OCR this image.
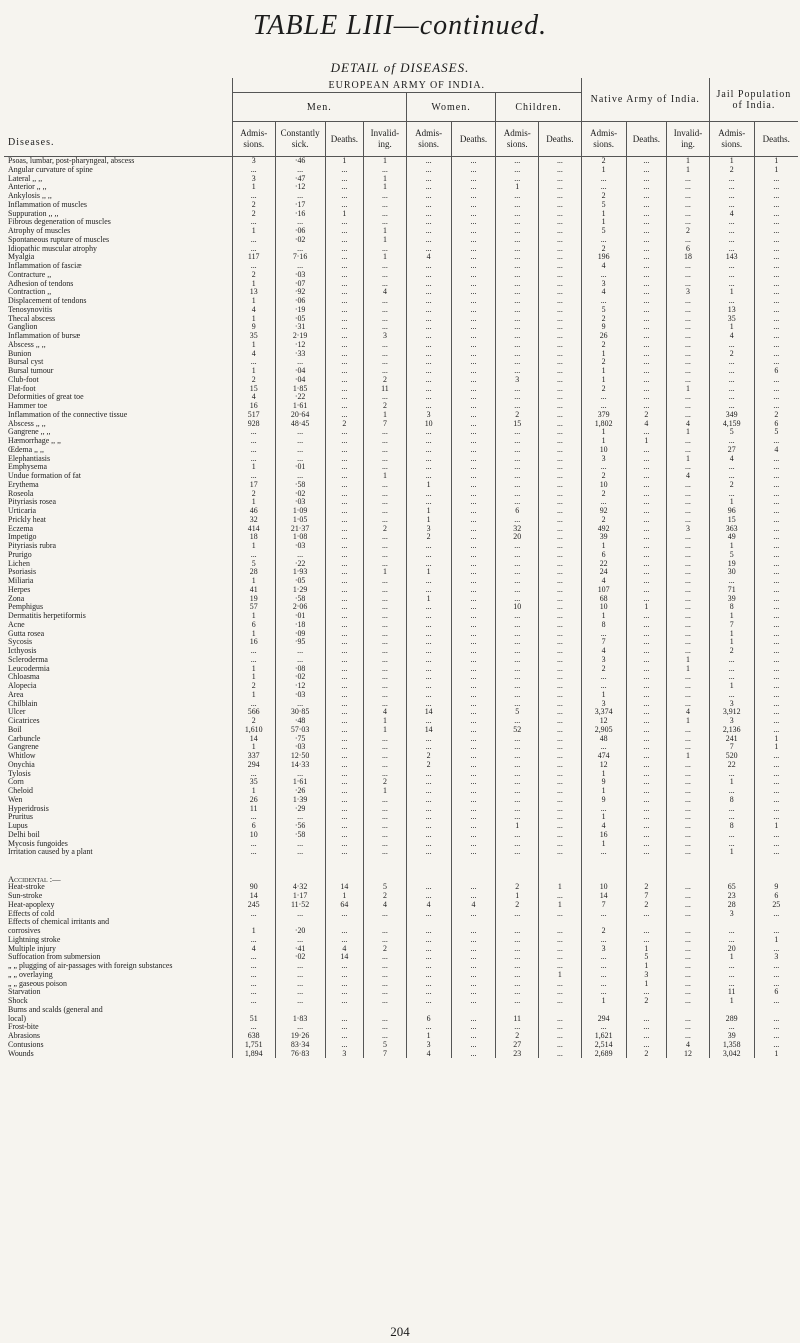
TABLE LIII—continued.
DETAIL of DISEASES.
Diseases.	EUROPEAN ARMY OF INDIA.								Native Army of India.			Jail Population of India.	
	Men.				Women.		Children.						
	Admis-sions.	Constantly sick.	Deaths.	Invalid-ing.	Admis-sions.	Deaths.	Admis-sions.	Deaths.	Admis-sions.	Deaths.	Invalid-ing.	Admis-sions.	Deaths.
Psoas, lumbar, post-pharyngeal, abscess	3	·46	1	1	...	...	...	...	2	...	1	1	1
Angular curvature of spine	...	...	...	...	...	...	...	...	1	...	1	2	1
Lateral ,, ,,	3	·47	...	1	...	...	...	...	...	...	...	...	...
Anterior ,, ,,	1	·12	...	1	...	...	1	...	...	...	...	...	...
Ankylosis ,, ,,	...	...	...	...	...	...	...	...	2	...	...	...	...
Inflammation of muscles	2	·17	...	...	...	...	...	...	5	...	...	...	...
Suppuration ,, ,,	2	·16	1	...	...	...	...	...	1	...	...	4	...
Fibrous degeneration of muscles	...	...	...	...	...	...	...	...	1	...	...	...	...
Atrophy of muscles	1	·06	...	1	...	...	...	...	5	...	2	...	...
Spontaneous rupture of muscles	...	·02	...	1	...	...	...	...	...	...	...	...	...
Idiopathic muscular atrophy	...	...	...	...	...	...	...	...	2	...	6	...	...
Myalgia	117	7·16	...	1	4	...	...	...	196	...	18	143	...
Inflammation of fasciæ	...	...	...	...	...	...	...	...	4	...	...	...	...
Contracture ,,	2	·03	...	...	...	...	...	...	...	...	...	...	...
Adhesion of tendons	1	·07	...	...	...	...	...	...	3	...	...	...	...
Contraction ,,	13	·92	...	4	...	...	...	...	4	...	3	1	...
Displacement of tendons	1	·06	...	...	...	...	...	...	...	...	...	...	...
Tenosynovitis	4	·19	...	...	...	...	...	...	5	...	...	13	...
Thecal abscess	1	·05	...	...	...	...	...	...	2	...	...	35	...
Ganglion	9	·31	...	...	...	...	...	...	9	...	...	1	...
Inflammation of bursæ	35	2·19	...	3	...	...	...	...	26	...	...	4	...
Abscess ,, ,,	1	·12	...	...	...	...	...	...	2	...	...	...	...
Bunion	4	·33	...	...	...	...	...	...	1	...	...	2	...
Bursal cyst	...	...	...	...	...	...	...	...	2	...	...	...	...
Bursal tumour	1	·04	...	...	...	...	...	...	1	...	...	...	6
Club-foot	2	·04	...	2	...	...	3	...	1	...	...	...	...
Flat-foot	15	1·85	...	11	...	...	...	...	2	...	1	...	...
Deformities of great toe	4	·22	...	...	...	...	...	...	...	...	...	...	...
Hammer toe	16	1·61	...	2	...	...	...	...	...	...	...	...	...
Inflammation of the connective tissue	517	20·64	...	1	3	...	2	...	379	2	...	349	2
Abscess ,, ,,	928	48·45	2	7	10	...	15	...	1,802	4	4	4,159	6
Gangrene ,, ,,	...	...	...	...	...	...	...	...	1	...	1	5	5
Hæmorrhage ,, ,,	...	...	...	...	...	...	...	...	1	1	...	...	...
Œdema ,, ,,	...	...	...	...	...	...	...	...	10	...	...	27	4
Elephantiasis	...	...	...	...	...	...	...	...	3	...	1	4	...
Emphysema	1	·01	...	...	...	...	...	...	...	...	...	...	...
Undue formation of fat	...	...	...	1	...	...	...	...	2	...	4	...	...
Erythema	17	·58	...	...	1	...	...	...	10	...	...	2	...
Roseola	2	·02	...	...	...	...	...	...	2	...	...	...	...
Pityriasis rosea	1	·03	...	...	...	...	...	...	...	...	...	1	...
Urticaria	46	1·09	...	...	1	...	6	...	92	...	...	96	...
Prickly heat	32	1·05	...	...	1	...	...	...	2	...	...	15	...
Eczema	414	21·37	...	2	3	...	32	...	492	...	3	363	...
Impetigo	18	1·08	...	...	2	...	20	...	39	...	...	49	...
Pityriasis rubra	1	·03	...	...	...	...	...	...	1	...	...	1	...
Prurigo	...	...	...	...	...	...	...	...	6	...	...	5	...
Lichen	5	·22	...	...	...	...	...	...	22	...	...	19	...
Psoriasis	28	1·93	...	1	1	...	...	...	24	...	...	30	...
Miliaria	1	·05	...	...	...	...	...	...	4	...	...	...	...
Herpes	41	1·29	...	...	...	...	...	...	107	...	...	71	...
Zona	19	·58	...	...	1	...	...	...	68	...	...	39	...
Pemphigus	57	2·06	...	...	...	...	10	...	10	1	...	8	...
Dermatitis herpetiformis	1	·01	...	...	...	...	...	...	1	...	...	1	...
Acne	6	·18	...	...	...	...	...	...	8	...	...	7	...
Gutta rosea	1	·09	...	...	...	...	...	...	...	...	...	1	...
Sycosis	16	·95	...	...	...	...	...	...	7	...	...	1	...
Icthyosis	...	...	...	...	...	...	...	...	4	...	...	2	...
Scleroderma	...	...	...	...	...	...	...	...	3	...	1	...	...
Leucodermia	1	·08	...	...	...	...	...	...	2	...	1	...	...
Chloasma	1	·02	...	...	...	...	...	...	...	...	...	...	...
Alopecia	2	·12	...	...	...	...	...	...	...	...	...	1	...
Area	1	·03	...	...	...	...	...	...	1	...	...	...	...
Chilblain	...	...	...	...	...	...	...	...	3	...	...	3	...
Ulcer	566	30·85	...	4	14	...	5	...	3,374	...	4	3,912	...
Cicatrices	2	·48	...	1	...	...	...	...	12	...	1	3	...
Boil	1,610	57·03	...	1	14	...	52	...	2,905	...	...	2,136	...
Carbuncle	14	·75	...	...	...	...	...	...	48	...	...	241	1
Gangrene	1	·03	...	...	...	...	...	...	...	...	...	7	1
Whitlow	337	12·50	...	...	2	...	...	...	474	...	1	520	...
Onychia	294	14·33	...	...	2	...	...	...	12	...	...	22	...
Tylosis	...	...	...	...	...	...	...	...	1	...	...	...	...
Corn	35	1·61	...	2	...	...	...	...	9	...	...	1	...
Cheloid	1	·26	...	1	...	...	...	...	1	...	...	...	...
Wen	26	1·39	...	...	...	...	...	...	9	...	...	8	...
Hyperidrosis	11	·29	...	...	...	...	...	...	...	...	...	...	...
Pruritus	...	...	...	...	...	...	...	...	1	...	...	...	...
Lupus	6	·56	...	...	...	...	1	...	4	...	...	8	1
Delhi boil	10	·58	...	...	...	...	...	...	16	...	...	...	...
Mycosis fungoides	...	...	...	...	...	...	...	...	1	...	...	...	...
Irritation caused by a plant	...	...	...	...	...	...	...	...	...	...	...	1	...

Accidental :—													
Heat-stroke	90	4·32	14	5	...	...	2	1	10	2	...	65	9
Sun-stroke	14	1·17	1	2	...	...	1	...	14	7	...	23	6
Heat-apoplexy	245	11·52	64	4	4	4	2	1	7	2	...	28	25
Effects of cold	...	...	...	...	...	...	...	...	...	...	...	3	...
Effects of chemical irritants and													
corrosives	1	·20	...	...	...	...	...	...	2	...	...	...	...
Lightning stroke	...	...	...	...	...	...	...	...	...	...	...	...	1
Multiple injury	4	·41	4	2	...	...	...	...	3	1	...	20	...
Suffocation from submersion	...	·02	14	...	...	...	...	...	...	5	...	1	3
„ „ plugging of air-passages with foreign substances	...	...	...	...	...	...	...	...	...	1	...	...	...
„ „ overlaying	...	...	...	...	...	...	...	1	...	3	...	...	...
„ „ gaseous poison	...	...	...	...	...	...	...	...	...	1	...	...	...
Starvation	...	...	...	...	...	...	...	...	...	...	...	11	6
Shock	...	...	...	...	...	...	...	...	1	2	...	1	...
Burns and scalds (general and													
local)	51	1·83	...	...	6	...	11	...	294	...	...	289	...
Frost-bite	...	...	...	...	...	...	...	...	...	...	...	...	...
Abrasions	638	19·26	...	...	1	...	2	...	1,621	...	...	39	...
Contusions	1,751	83·34	...	5	3	...	27	...	2,514	...	4	1,358	...
Wounds	1,894	76·83	3	7	4	...	23	...	2,689	2	12	3,042	1
204
